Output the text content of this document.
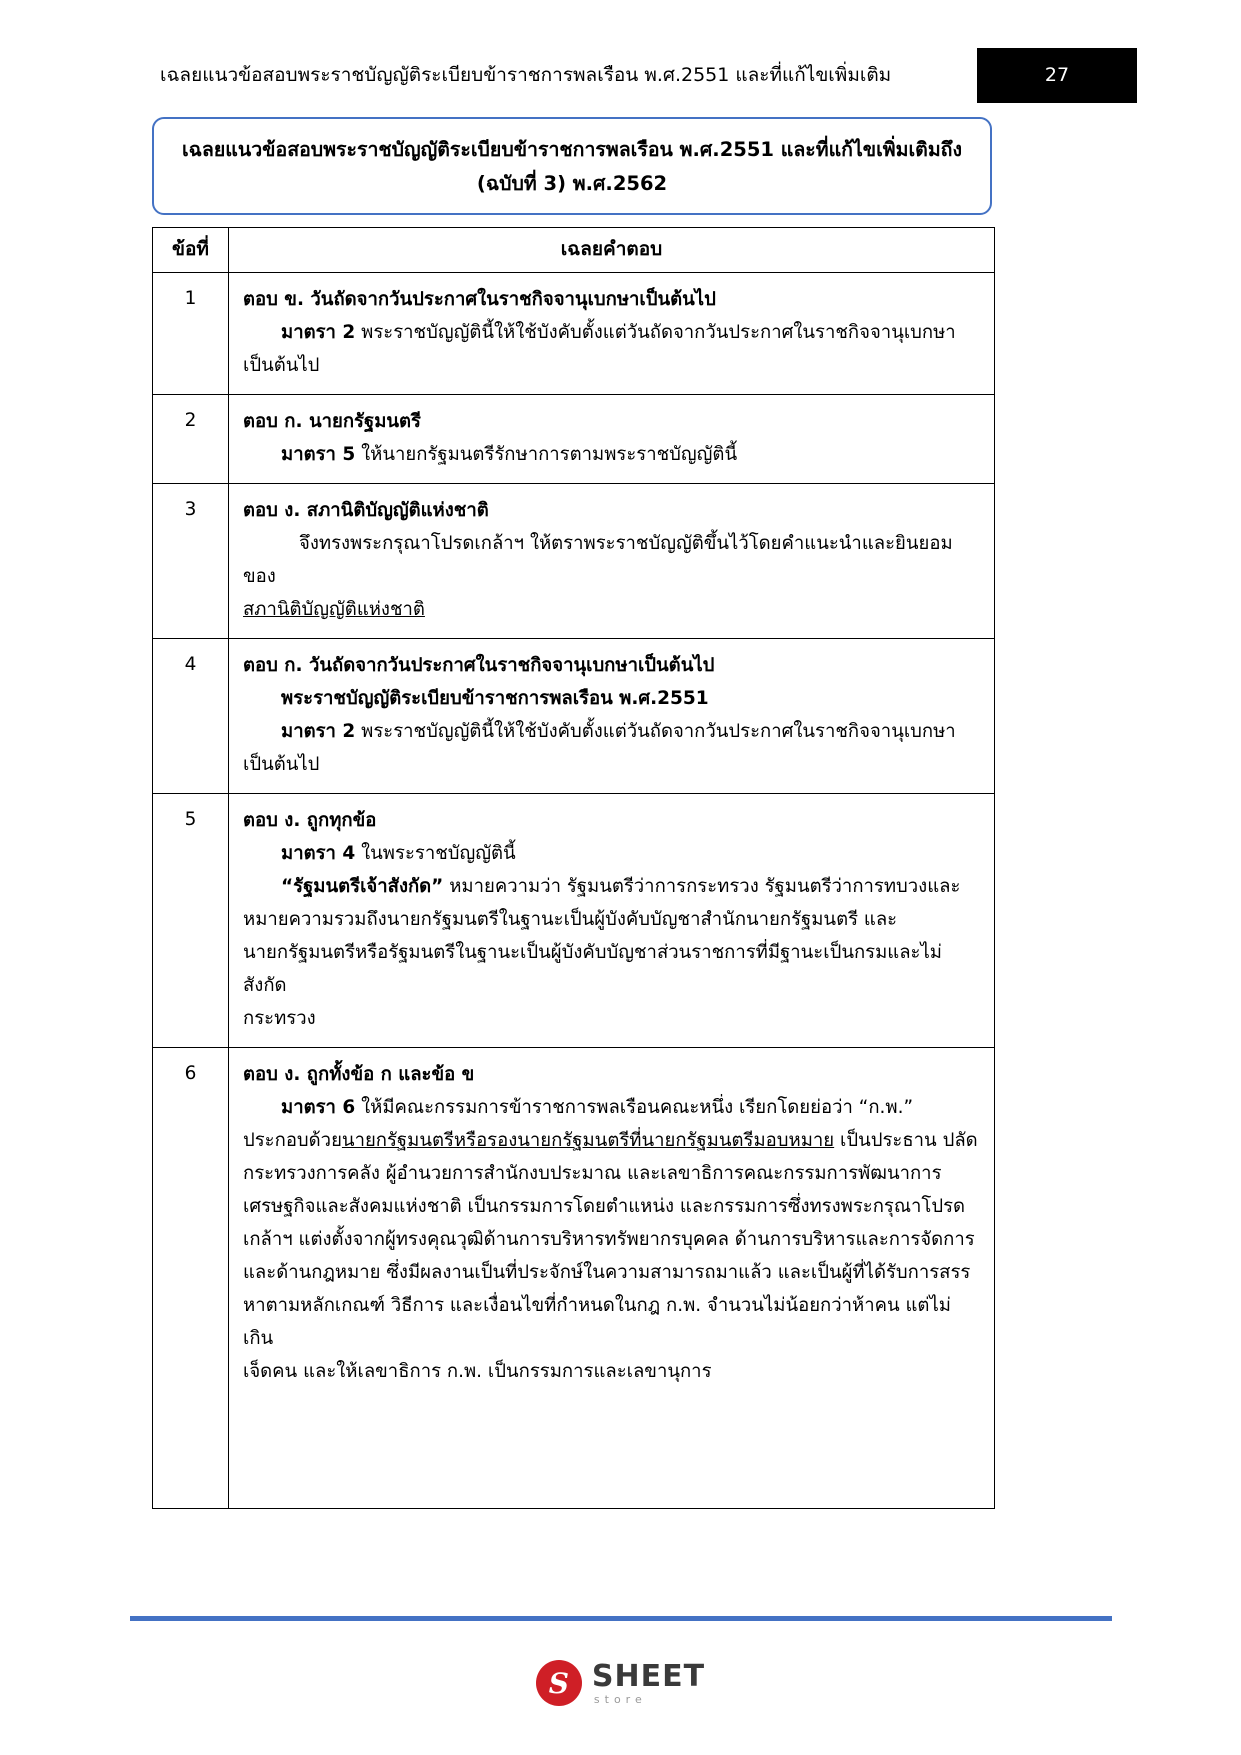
เฉลยแนวข้อสอบพระราชบัญญัติระเบียบข้าราชการพลเรือน พ.ศ.2551 และที่แก้ไขเพิ่มเติม	27
เฉลยแนวข้อสอบพระราชบัญญัติระเบียบข้าราชการพลเรือน พ.ศ.2551 และที่แก้ไขเพิ่มเติมถึง (ฉบับที่ 3) พ.ศ.2562
ข้อที่	เฉลยคำตอบ

1	ตอบ ข. วันถัดจากวันประกาศในราชกิจจานุเบกษาเป็นต้นไป

มาตรา 2 พระราชบัญญัตินี้ให้ใช้บังคับตั้งแต่วันถัดจากวันประกาศในราชกิจจานุเบกษา

เป็นต้นไป

2	ตอบ ก. นายกรัฐมนตรี

มาตรา 5 ให้นายกรัฐมนตรีรักษาการตามพระราชบัญญัตินี้

3	ตอบ ง. สภานิติบัญญัติแห่งชาติ

จึงทรงพระกรุณาโปรดเกล้าฯ ให้ตราพระราชบัญญัติขึ้นไว้โดยคำแนะนำและยินยอมของ

สภานิติบัญญัติแห่งชาติ

4	ตอบ ก. วันถัดจากวันประกาศในราชกิจจานุเบกษาเป็นต้นไป

พระราชบัญญัติระเบียบข้าราชการพลเรือน พ.ศ.2551

มาตรา 2 พระราชบัญญัตินี้ให้ใช้บังคับตั้งแต่วันถัดจากวันประกาศในราชกิจจานุเบกษา

เป็นต้นไป

5	ตอบ ง. ถูกทุกข้อ

มาตรา 4 ในพระราชบัญญัตินี้

“รัฐมนตรีเจ้าสังกัด” หมายความว่า รัฐมนตรีว่าการกระทรวง รัฐมนตรีว่าการทบวงและ

หมายความรวมถึงนายกรัฐมนตรีในฐานะเป็นผู้บังคับบัญชาสำนักนายกรัฐมนตรี และ

นายกรัฐมนตรีหรือรัฐมนตรีในฐานะเป็นผู้บังคับบัญชาส่วนราชการที่มีฐานะเป็นกรมและไม่สังกัด

กระทรวง

6	ตอบ ง. ถูกทั้งข้อ ก และข้อ ข

มาตรา 6 ให้มีคณะกรรมการข้าราชการพลเรือนคณะหนึ่ง เรียกโดยย่อว่า “ก.พ.”

ประกอบด้วยนายกรัฐมนตรีหรือรองนายกรัฐมนตรีที่นายกรัฐมนตรีมอบหมาย เป็นประธาน ปลัด

กระทรวงการคลัง ผู้อำนวยการสำนักงบประมาณ และเลขาธิการคณะกรรมการพัฒนาการ

เศรษฐกิจและสังคมแห่งชาติ เป็นกรรมการโดยตำแหน่ง และกรรมการซึ่งทรงพระกรุณาโปรด

เกล้าฯ แต่งตั้งจากผู้ทรงคุณวุฒิด้านการบริหารทรัพยากรบุคคล ด้านการบริหารและการจัดการ

และด้านกฎหมาย ซึ่งมีผลงานเป็นที่ประจักษ์ในความสามารถมาแล้ว และเป็นผู้ที่ได้รับการสรร

หาตามหลักเกณฑ์ วิธีการ และเงื่อนไขที่กำหนดในกฎ ก.พ. จำนวนไม่น้อยกว่าห้าคน แต่ไม่เกิน

เจ็ดคน และให้เลขาธิการ ก.พ. เป็นกรรมการและเลขานุการ

S SHEET
store
